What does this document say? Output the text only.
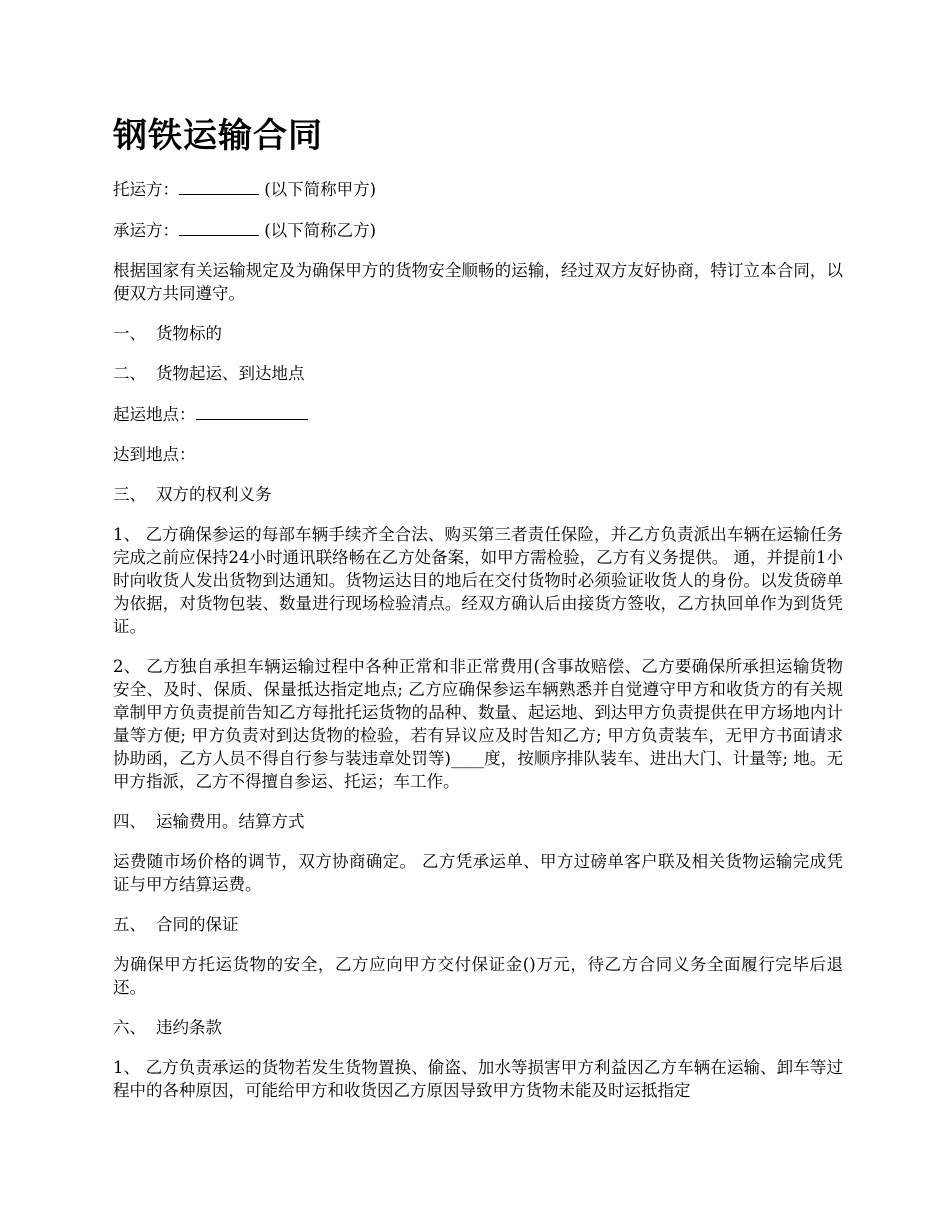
钢铁运输合同

托运方：	(以下简称甲方)

承运方：	(以下简称乙方)

根据国家有关运输规定及为确保甲方的货物安全顺畅的运输，经过双方友好协商，特订立本合同，以便双方共同遵守。

一、 货物标的

二、 货物起运、到达地点

起运地点：

达到地点：

三、 双方的权利义务

1、 乙方确保参运的每部车辆手续齐全合法、购买第三者责任保险，并乙方负责派出车辆在运输任务完成之前应保持24小时通讯联络畅在乙方处备案，如甲方需检验，乙方有义务提供。 通，并提前1小时向收货人发出货物到达通知。货物运达目的地后在交付货物时必须验证收货人的身份。以发货磅单为依据，对货物包装、数量进行现场检验清点。经双方确认后由接货方签收，乙方执回单作为到货凭证。

2、 乙方独自承担车辆运输过程中各种正常和非正常费用(含事故赔偿、乙方要确保所承担运输货物安全、及时、保质、保量抵达指定地点; 乙方应确保参运车辆熟悉并自觉遵守甲方和收货方的有关规章制甲方负责提前告知乙方每批托运货物的品种、数量、起运地、到达甲方负责提供在甲方场地内计量等方便; 甲方负责对到达货物的检验，若有异议应及时告知乙方; 甲方负责装车，无甲方书面请求协助函，乙方人员不得自行参与装违章处罚等)____度，按顺序排队装车、进出大门、计量等; 地。无甲方指派，乙方不得擅自参运、托运；车工作。

四、 运输费用。结算方式

运费随市场价格的调节，双方协商确定。 乙方凭承运单、甲方过磅单客户联及相关货物运输完成凭证与甲方结算运费。

五、 合同的保证

为确保甲方托运货物的安全，乙方应向甲方交付保证金()万元，待乙方合同义务全面履行完毕后退还。

六、 违约条款

1、 乙方负责承运的货物若发生货物置换、偷盗、加水等损害甲方利益因乙方车辆在运输、卸车等过程中的各种原因，可能给甲方和收货因乙方原因导致甲方货物未能及时运抵指定
